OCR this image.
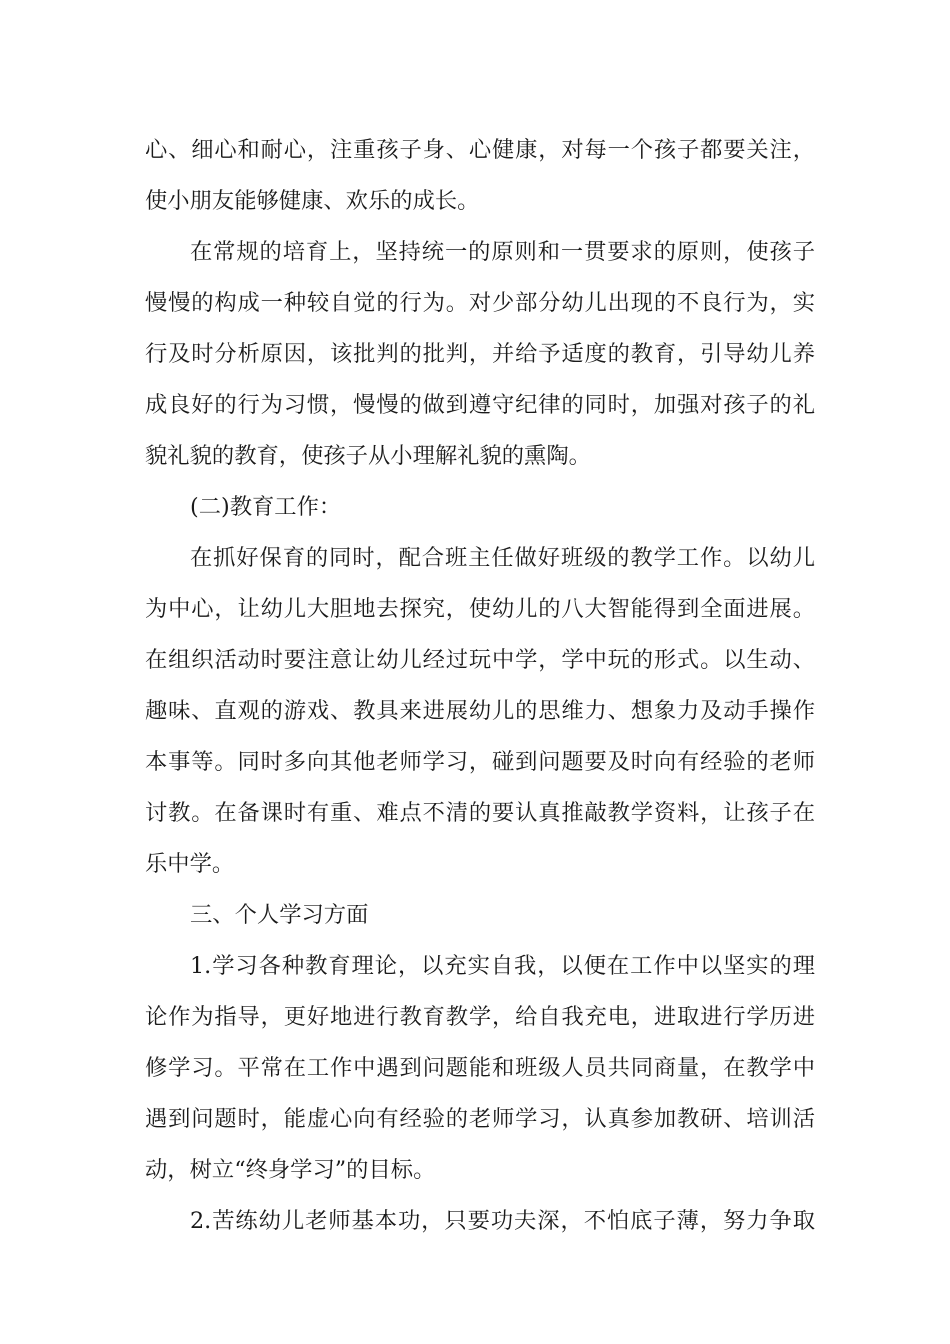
心、细心和耐心，注重孩子身、心健康，对每一个孩子都要关注，
使小朋友能够健康、欢乐的成长。
在常规的培育上，坚持统一的原则和一贯要求的原则，使孩子
慢慢的构成一种较自觉的行为。对少部分幼儿出现的不良行为，实
行及时分析原因，该批判的批判，并给予适度的教育，引导幼儿养
成良好的行为习惯，慢慢的做到遵守纪律的同时，加强对孩子的礼
貌礼貌的教育，使孩子从小理解礼貌的熏陶。
(二)教育工作：
在抓好保育的同时，配合班主任做好班级的教学工作。以幼儿
为中心，让幼儿大胆地去探究，使幼儿的八大智能得到全面进展。
在组织活动时要注意让幼儿经过玩中学，学中玩的形式。以生动、
趣味、直观的游戏、教具来进展幼儿的思维力、想象力及动手操作
本事等。同时多向其他老师学习，碰到问题要及时向有经验的老师
讨教。在备课时有重、难点不清的要认真推敲教学资料，让孩子在
乐中学。
三、个人学习方面
1.学习各种教育理论，以充实自我，以便在工作中以坚实的理
论作为指导，更好地进行教育教学，给自我充电，进取进行学历进
修学习。平常在工作中遇到问题能和班级人员共同商量，在教学中
遇到问题时，能虚心向有经验的老师学习，认真参加教研、培训活
动，树立“终身学习”的目标。
2.苦练幼儿老师基本功，只要功夫深，不怕底子薄，努力争取
